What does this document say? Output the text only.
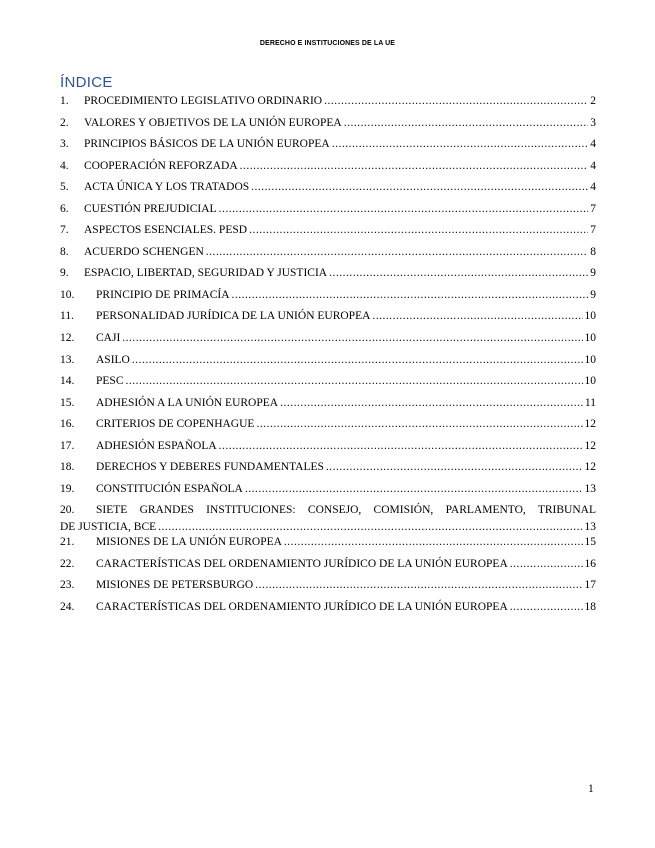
DERECHO E INSTITUCIONES DE LA UE
ÍNDICE
1.	PROCEDIMIENTO LEGISLATIVO ORDINARIO .....	2
2.	VALORES Y OBJETIVOS DE LA UNIÓN EUROPEA .....	3
3.	PRINCIPIOS BÁSICOS DE LA UNIÓN EUROPEA .....	4
4.	COOPERACIÓN REFORZADA .....	4
5.	ACTA ÚNICA Y LOS TRATADOS .....	4
6.	CUESTIÓN PREJUDICIAL .....	7
7.	ASPECTOS ESENCIALES. PESD .....	7
8.	ACUERDO SCHENGEN .....	8
9.	ESPACIO, LIBERTAD, SEGURIDAD Y JUSTICIA .....	9
10.	PRINCIPIO DE PRIMACÍA .....	9
11.	PERSONALIDAD JURÍDICA DE LA UNIÓN EUROPEA .....	10
12.	CAJI .....	10
13.	ASILO .....	10
14.	PESC .....	10
15.	ADHESIÓN A LA UNIÓN EUROPEA .....	11
16.	CRITERIOS DE COPENHAGUE .....	12
17.	ADHESIÓN ESPAÑOLA .....	12
18.	DERECHOS Y DEBERES FUNDAMENTALES .....	12
19.	CONSTITUCIÓN ESPAÑOLA .....	13
20.	SIETE GRANDES INSTITUCIONES: CONSEJO, COMISIÓN, PARLAMENTO, TRIBUNAL
DE JUSTICIA, BCE .....	13
21.	MISIONES DE LA UNIÓN EUROPEA .....	15
22.	CARACTERÍSTICAS DEL ORDENAMIENTO JURÍDICO DE LA UNIÓN EUROPEA .....	16
23.	MISIONES DE PETERSBURGO .....	17
24.	CARACTERÍSTICAS DEL ORDENAMIENTO JURÍDICO DE LA UNIÓN EUROPEA .....	18
1
